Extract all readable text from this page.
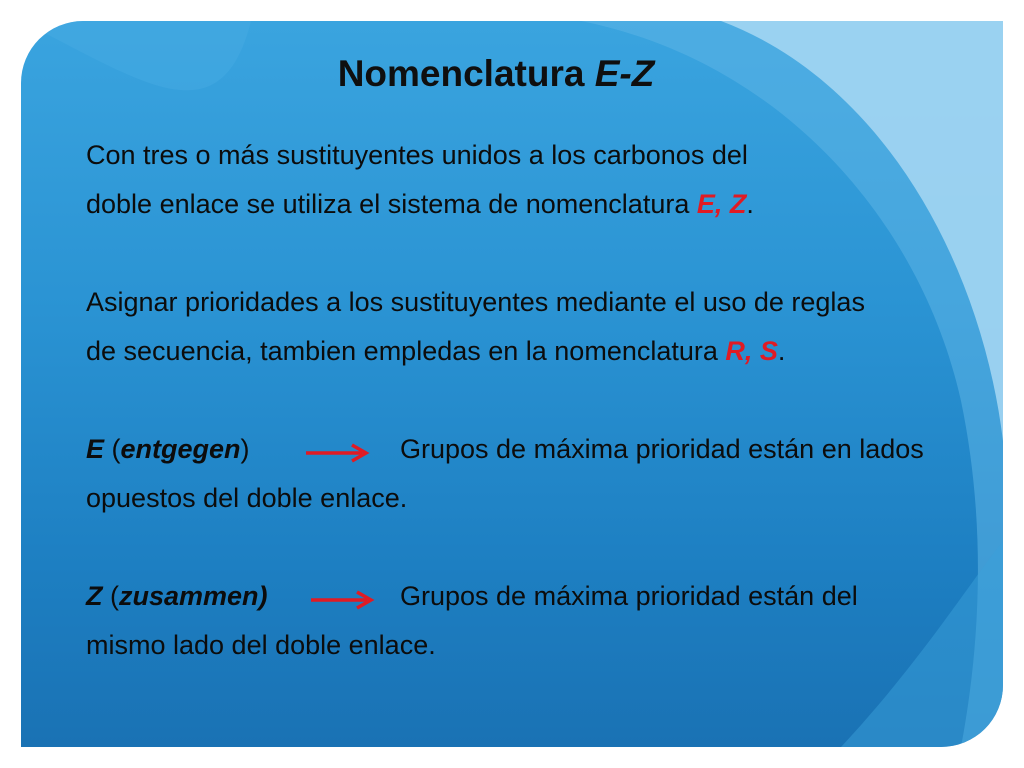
Nomenclatura E-Z
Con tres o más sustituyentes unidos a los carbonos del
doble enlace se utiliza el sistema de nomenclatura E, Z.
Asignar prioridades a los sustituyentes mediante el uso de reglas
de secuencia, tambien empledas en la nomenclatura R, S.
E (entgegen)	Grupos de máxima prioridad están en lados
opuestos del doble enlace.
Z (zusammen)	Grupos de máxima prioridad están del
mismo lado del doble enlace.
